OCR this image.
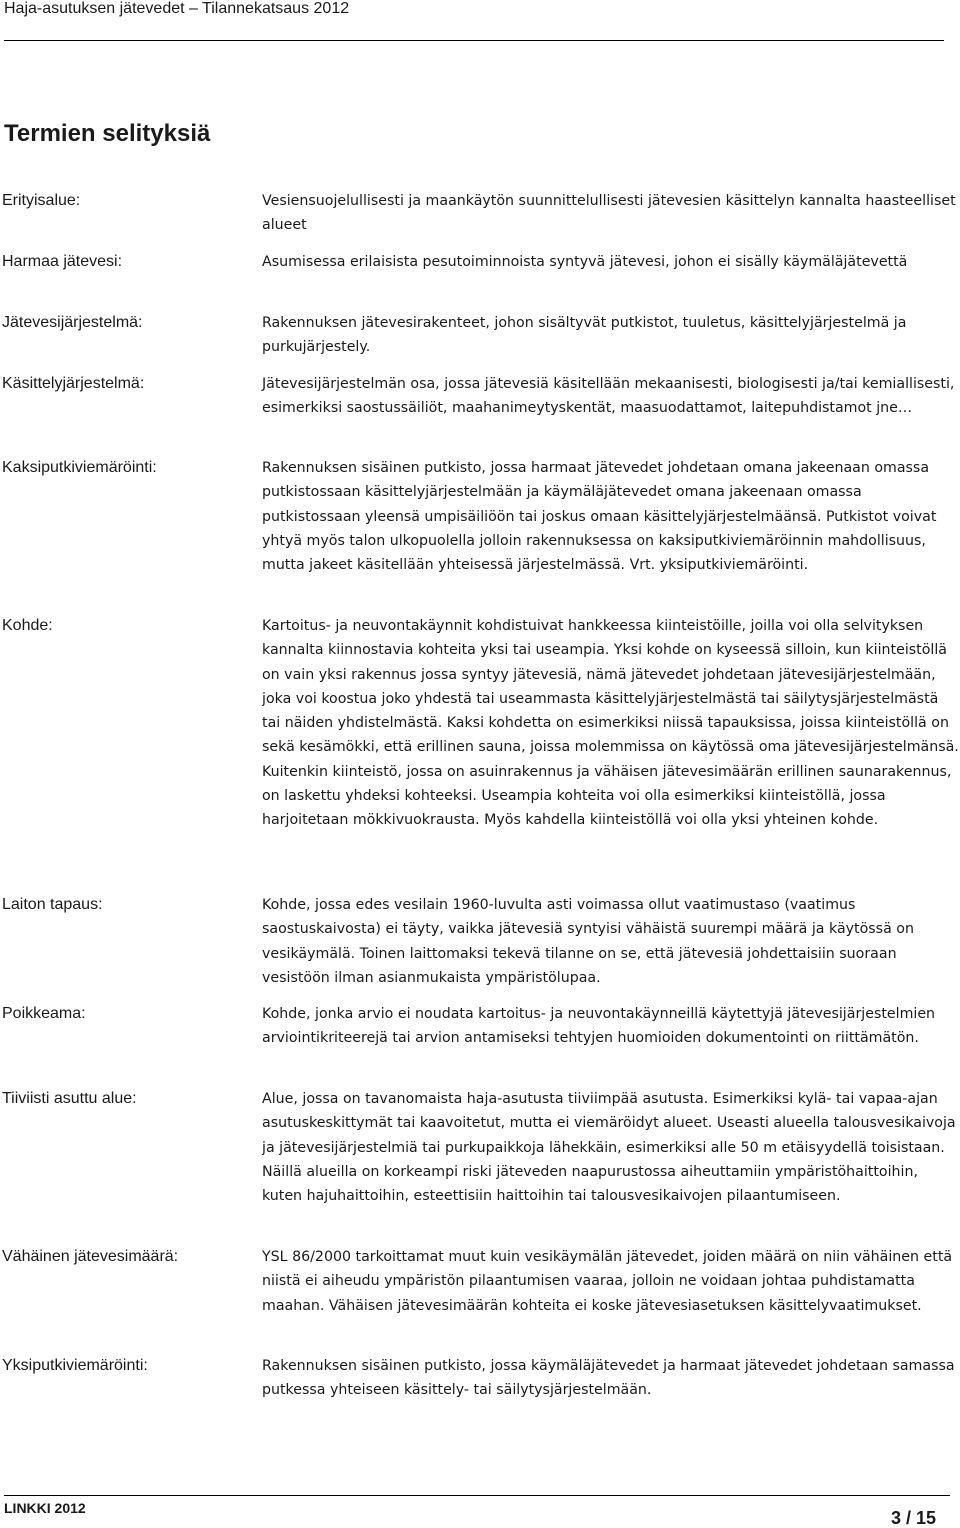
Haja-asutuksen jätevedet – Tilannekatsaus 2012
Termien selityksiä
Erityisalue:	Vesiensuojelullisesti ja maankäytön suunnittelullisesti jätevesien käsittelyn kannalta haasteelliset alueet
Harmaa jätevesi:	Asumisessa erilaisista pesutoiminnoista syntyvä jätevesi, johon ei sisälly käymäläjätevettä
Jätevesijärjestelmä:	Rakennuksen jätevesirakenteet, johon sisältyvät putkistot, tuuletus, käsittelyjärjestelmä ja purkujärjestely.
Käsittelyjärjestelmä:	Jätevesijärjestelmän osa, jossa jätevesiä käsitellään mekaanisesti, biologisesti ja/tai kemiallisesti, esimerkiksi saostussäiliöt, maahanimeytyskentät, maasuodattamot, laitepuhdistamot jne…
Kaksiputkiviemäröinti:	Rakennuksen sisäinen putkisto, jossa harmaat jätevedet johdetaan omana jakeenaan omassa putkistossaan käsittelyjärjestelmään ja käymäläjätevedet omana jakeenaan omassa putkistossaan yleensä umpisäiliöön tai joskus omaan käsittelyjärjestelmäänsä. Putkistot voivat yhtyä myös talon ulkopuolella jolloin rakennuksessa on kaksiputkiviemäröinnin mahdollisuus, mutta jakeet käsitellään yhteisessä järjestelmässä. Vrt. yksiputkiviemäröinti.
Kohde:	Kartoitus- ja neuvontakäynnit kohdistuivat hankkeessa kiinteistöille, joilla voi olla selvityksen kannalta kiinnostavia kohteita yksi tai useampia. Yksi kohde on kyseessä silloin, kun kiinteistöllä on vain yksi rakennus jossa syntyy jätevesiä, nämä jätevedet johdetaan jätevesijärjestelmään, joka voi koostua joko yhdestä tai useammasta käsittelyjärjestelmästä tai säilytysjärjestelmästä tai näiden yhdistelmästä. Kaksi kohdetta on esimerkiksi niissä tapauksissa, joissa kiinteistöllä on sekä kesämökki, että erillinen sauna, joissa molemmissa on käytössä oma jätevesijärjestelmänsä. Kuitenkin kiinteistö, jossa on asuinrakennus ja vähäisen jätevesimäärän erillinen saunarakennus, on laskettu yhdeksi kohteeksi. Useampia kohteita voi olla esimerkiksi kiinteistöllä, jossa harjoitetaan mökkivuokrausta. Myös kahdella kiinteistöllä voi olla yksi yhteinen kohde.
Laiton tapaus:	Kohde, jossa edes vesilain 1960-luvulta asti voimassa ollut vaatimustaso (vaatimus saostuskaivosta) ei täyty, vaikka jätevesiä syntyisi vähäistä suurempi määrä ja käytössä on vesikäymälä. Toinen laittomaksi tekevä tilanne on se, että jätevesiä johdettaisiin suoraan vesistöön ilman asianmukaista ympäristölupaa.
Poikkeama:	Kohde, jonka arvio ei noudata kartoitus- ja neuvontakäynneillä käytettyjä jätevesijärjestelmien arviointikriteerejä tai arvion antamiseksi tehtyjen huomioiden dokumentointi on riittämätön.
Tiiviisti asuttu alue:	Alue, jossa on tavanomaista haja-asutusta tiiviimpää asutusta. Esimerkiksi kylä- tai vapaa-ajan asutuskeskittymät tai kaavoitetut, mutta ei viemäröidyt alueet. Useasti alueella talousvesikaivoja ja jätevesijärjestelmiä tai purkupaikkoja lähekkäin, esimerkiksi alle 50 m etäisyydellä toisistaan. Näillä alueilla on korkeampi riski jäteveden naapurustossa aiheuttamiin ympäristöhaittoihin, kuten hajuhaittoihin, esteettisiin haittoihin tai talousvesikaivojen pilaantumiseen.
Vähäinen jätevesimäärä:	YSL 86/2000 tarkoittamat muut kuin vesikäymälän jätevedet, joiden määrä on niin vähäinen että niistä ei aiheudu ympäristön pilaantumisen vaaraa, jolloin ne voidaan johtaa puhdistamatta maahan. Vähäisen jätevesimäärän kohteita ei koske jätevesiasetuksen käsittelyvaatimukset.
Yksiputkiviemäröinti:	Rakennuksen sisäinen putkisto, jossa käymäläjätevedet ja harmaat jätevedet johdetaan samassa putkessa yhteiseen käsittely- tai säilytysjärjestelmään.
LINKKI 2012	3 / 15
